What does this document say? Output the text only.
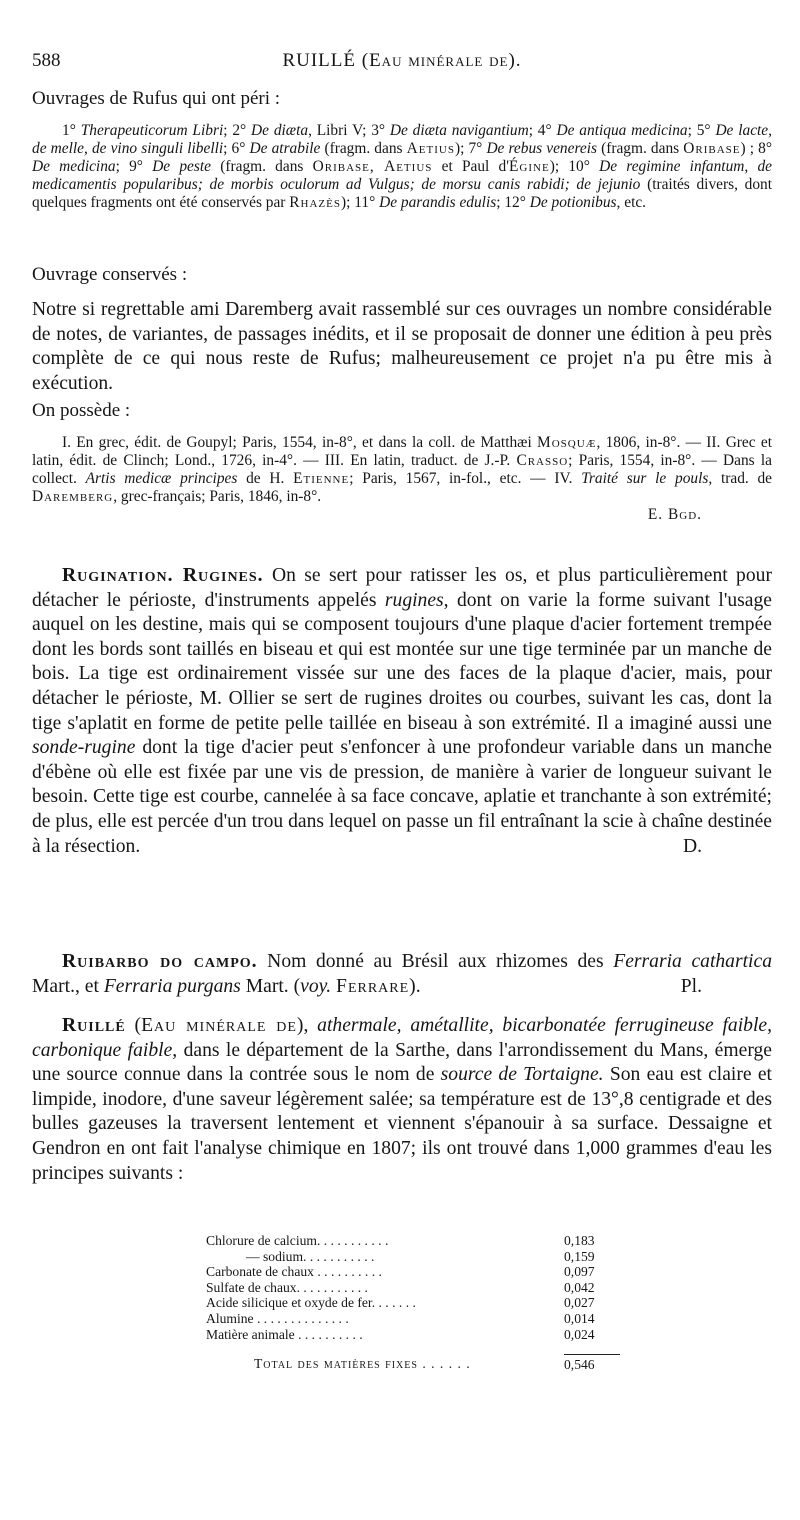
588	RUILLÉ (Eau minérale de).

Ouvrages de Rufus qui ont péri :

1° Therapeuticorum Libri; 2° De diæta, Libri V; 3° De diæta navigantium; 4° De antiqua medicina; 5° De lacte, de melle, de vino singuli libelli; 6° De atrabile (fragm. dans Aetius); 7° De rebus venereis (fragm. dans Oribase) ; 8° De medicina; 9° De peste (fragm. dans Oribase, Aetius et Paul d'Égine); 10° De regimine infantum, de medicamentis popularibus; de morbis oculorum ad Vulgus; de morsu canis rabidi; de jejunio (traités divers, dont quelques fragments ont été conservés par Rhazès); 11° De parandis edulis; 12° De potionibus, etc.

Ouvrage conservés :

Notre si regrettable ami Daremberg avait rassemblé sur ces ouvrages un nombre considérable de notes, de variantes, de passages inédits, et il se proposait de donner une édition à peu près complète de ce qui nous reste de Rufus; malheureusement ce projet n'a pu être mis à exécution.

On possède :

I. En grec, édit. de Goupyl; Paris, 1554, in-8°, et dans la coll. de Matthæi Mosquæ, 1806, in-8°. — II. Grec et latin, édit. de Clinch; Lond., 1726, in-4°. — III. En latin, traduct. de J.-P. Crasso; Paris, 1554, in-8°. — Dans la collect. Artis medicæ principes de H. Etienne; Paris, 1567, in-fol., etc. — IV. Traité sur le pouls, trad. de Daremberg, grec-français; Paris, 1846, in-8°.
E. Bgd.

Rugination. Rugines. On se sert pour ratisser les os, et plus particulièrement pour détacher le périoste, d'instruments appelés rugines, dont on varie la forme suivant l'usage auquel on les destine, mais qui se composent toujours d'une plaque d'acier fortement trempée dont les bords sont taillés en biseau et qui est montée sur une tige terminée par un manche de bois. La tige est ordinairement vissée sur une des faces de la plaque d'acier, mais, pour détacher le périoste, M. Ollier se sert de rugines droites ou courbes, suivant les cas, dont la tige s'aplatit en forme de petite pelle taillée en biseau à son extrémité. Il a imaginé aussi une sonde-rugine dont la tige d'acier peut s'enfoncer à une profondeur variable dans un manche d'ébène où elle est fixée par une vis de pression, de manière à varier de longueur suivant le besoin. Cette tige est courbe, cannelée à sa face concave, aplatie et tranchante à son extrémité; de plus, elle est percée d'un trou dans lequel on passe un fil entraînant la scie à chaîne destinée à la résection.	D.

Ruibarbo do campo. Nom donné au Brésil aux rhizomes des Ferraria cathartica Mart., et Ferraria purgans Mart. (voy. Ferrare).	Pl.

Ruillé (Eau minérale de), athermale, amétallite, bicarbonatée ferrugineuse faible, carbonique faible, dans le département de la Sarthe, dans l'arrondissement du Mans, émerge une source connue dans la contrée sous le nom de source de Tortaigne. Son eau est claire et limpide, inodore, d'une saveur légèrement salée; sa température est de 13°,8 centigrade et des bulles gazeuses la traversent lentement et viennent s'épanouir à sa surface. Dessaigne et Gendron en ont fait l'analyse chimique en 1807; ils ont trouvé dans 1,000 grammes d'eau les principes suivants :

Chlorure de calcium. . . . . . . . . . .	0,183
— sodium. . . . . . . . . . .	0,159
Carbonate de chaux . . . . . . . . . .	0,097
Sulfate de chaux. . . . . . . . . . .	0,042
Acide silicique et oxyde de fer. . . . . . .	0,027
Alumine . . . . . . . . . . . . . .	0,014
Matière animale . . . . . . . . . .	0,024
Total des matières fixes . . . . . .	0,546
